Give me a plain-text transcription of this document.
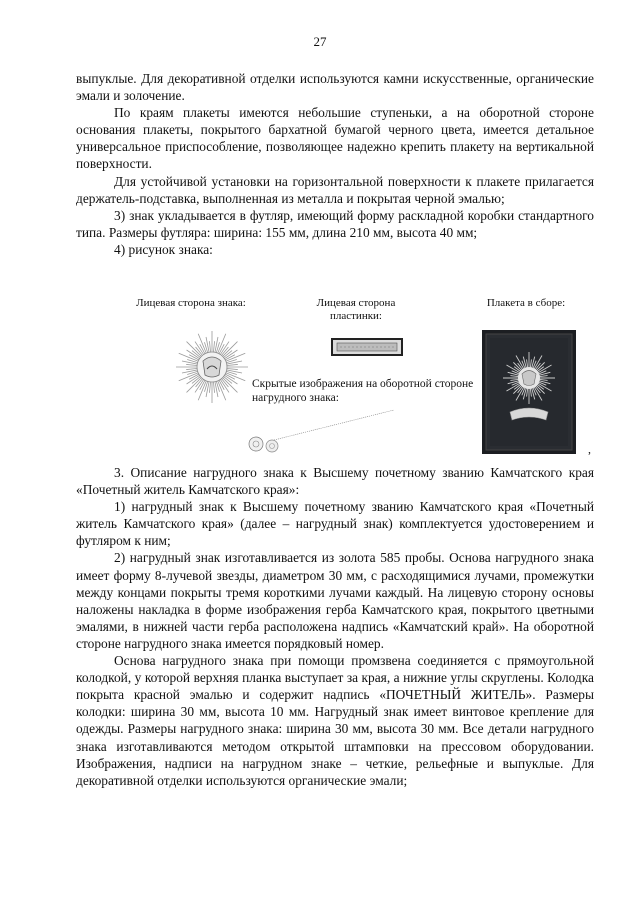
27

выпуклые. Для декоративной отделки используются камни искусственные, органические эмали и золочение.

По краям плакеты имеются небольшие ступеньки, а на оборотной стороне основания плакеты, покрытого бархатной бумагой черного цвета, имеется детальное универсальное приспособление, позволяющее надежно крепить плакету на вертикальной поверхности.

Для устойчивой установки на горизонтальной поверхности к плакете прилагается держатель-подставка, выполненная из металла и покрытая черной эмалью;

3) знак укладывается в футляр, имеющий форму раскладной коробки стандартного типа. Размеры футляра: ширина: 155 мм, длина 210 мм, высота 40 мм;

4) рисунок знака:

Лицевая сторона знака:	Лицевая сторона пластинки:
Плакета в сборе:
Скрытые изображения на оборотной стороне нагрудного знака:
,

3. Описание нагрудного знака к Высшему почетному званию Камчатского края «Почетный житель Камчатского края»:

1) нагрудный знак к Высшему почетному званию Камчатского края «Почетный житель Камчатского края» (далее – нагрудный знак) комплектуется удостоверением и футляром к ним;

2) нагрудный знак изготавливается из золота 585 пробы. Основа нагрудного знака имеет форму 8-лучевой звезды, диаметром 30 мм, с расходящимися лучами, промежутки между концами покрыты тремя короткими лучами каждый. На лицевую сторону основы наложены накладка в форме изображения герба Камчатского края, покрытого цветными эмалями, в нижней части герба расположена надпись «Камчатский край». На оборотной стороне нагрудного знака имеется порядковый номер.

Основа нагрудного знака при помощи промзвена соединяется с прямоугольной колодкой, у которой верхняя планка выступает за края, а нижние углы скруглены. Колодка покрыта красной эмалью и содержит надпись «ПОЧЕТНЫЙ ЖИТЕЛЬ». Размеры колодки: ширина 30 мм, высота 10 мм. Нагрудный знак имеет винтовое крепление для одежды. Размеры нагрудного знака: ширина 30 мм, высота 30 мм. Все детали нагрудного знака изготавливаются методом открытой штамповки на прессовом оборудовании. Изображения, надписи на нагрудном знаке – четкие, рельефные и выпуклые. Для декоративной отделки используются органические эмали;
